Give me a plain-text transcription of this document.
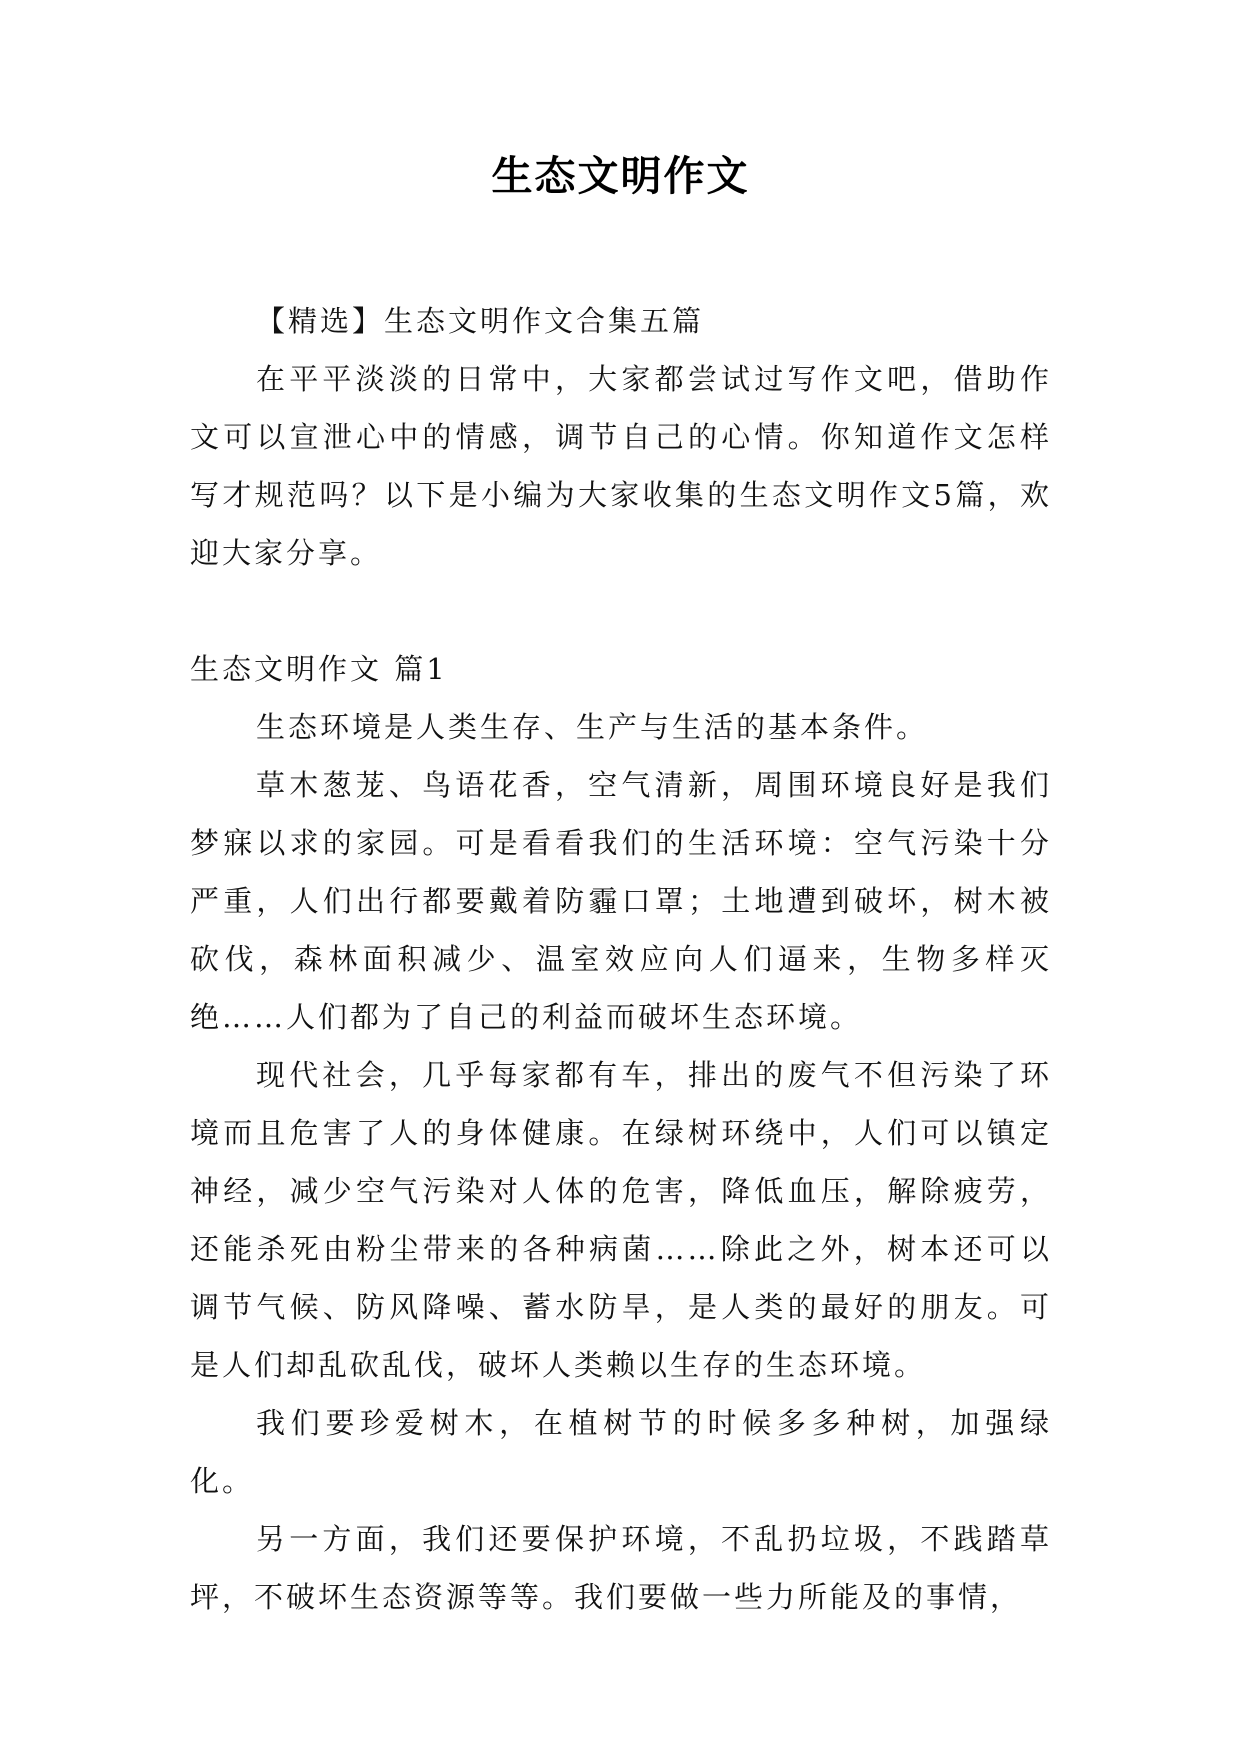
生态文明作文

【精选】生态文明作文合集五篇

在平平淡淡的日常中，大家都尝试过写作文吧，借助作文可以宣泄心中的情感，调节自己的心情。你知道作文怎样写才规范吗？以下是小编为大家收集的生态文明作文5篇，欢迎大家分享。

生态文明作文 篇1

生态环境是人类生存、生产与生活的基本条件。

草木葱茏、鸟语花香，空气清新，周围环境良好是我们梦寐以求的家园。可是看看我们的生活环境：空气污染十分严重，人们出行都要戴着防霾口罩；土地遭到破坏，树木被砍伐，森林面积减少、温室效应向人们逼来，生物多样灭绝……人们都为了自己的利益而破坏生态环境。

现代社会，几乎每家都有车，排出的废气不但污染了环境而且危害了人的身体健康。在绿树环绕中，人们可以镇定神经，减少空气污染对人体的危害，降低血压，解除疲劳，还能杀死由粉尘带来的各种病菌……除此之外，树本还可以调节气候、防风降噪、蓄水防旱，是人类的最好的朋友。可是人们却乱砍乱伐，破坏人类赖以生存的生态环境。

我们要珍爱树木，在植树节的时候多多种树，加强绿化。

另一方面，我们还要保护环境，不乱扔垃圾，不践踏草坪，不破坏生态资源等等。我们要做一些力所能及的事情，
